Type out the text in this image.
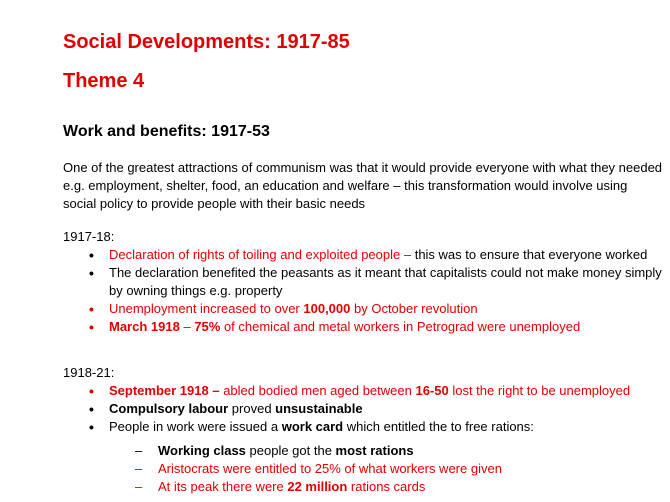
Social Developments: 1917-85
Theme 4
Work and benefits: 1917-53

One of the greatest attractions of communism was that it would provide everyone with what they needed e.g. employment, shelter, food, an education and welfare – this transformation would involve using social policy to provide people with their basic needs

1917-18:
• Declaration of rights of toiling and exploited people – this was to ensure that everyone worked
• The declaration benefited the peasants as it meant that capitalists could not make money simply by owning things e.g. property
• Unemployment increased to over 100,000 by October revolution
• March 1918 – 75% of chemical and metal workers in Petrograd were unemployed
1918-21:
• September 1918 – abled bodied men aged between 16-50 lost the right to be unemployed
• Compulsory labour proved unsustainable
• People in work were issued a work card which entitled the to free rations:
– Working class people got the most rations
– Aristocrats were entitled to 25% of what workers were given
– At its peak there were 22 million rations cards
